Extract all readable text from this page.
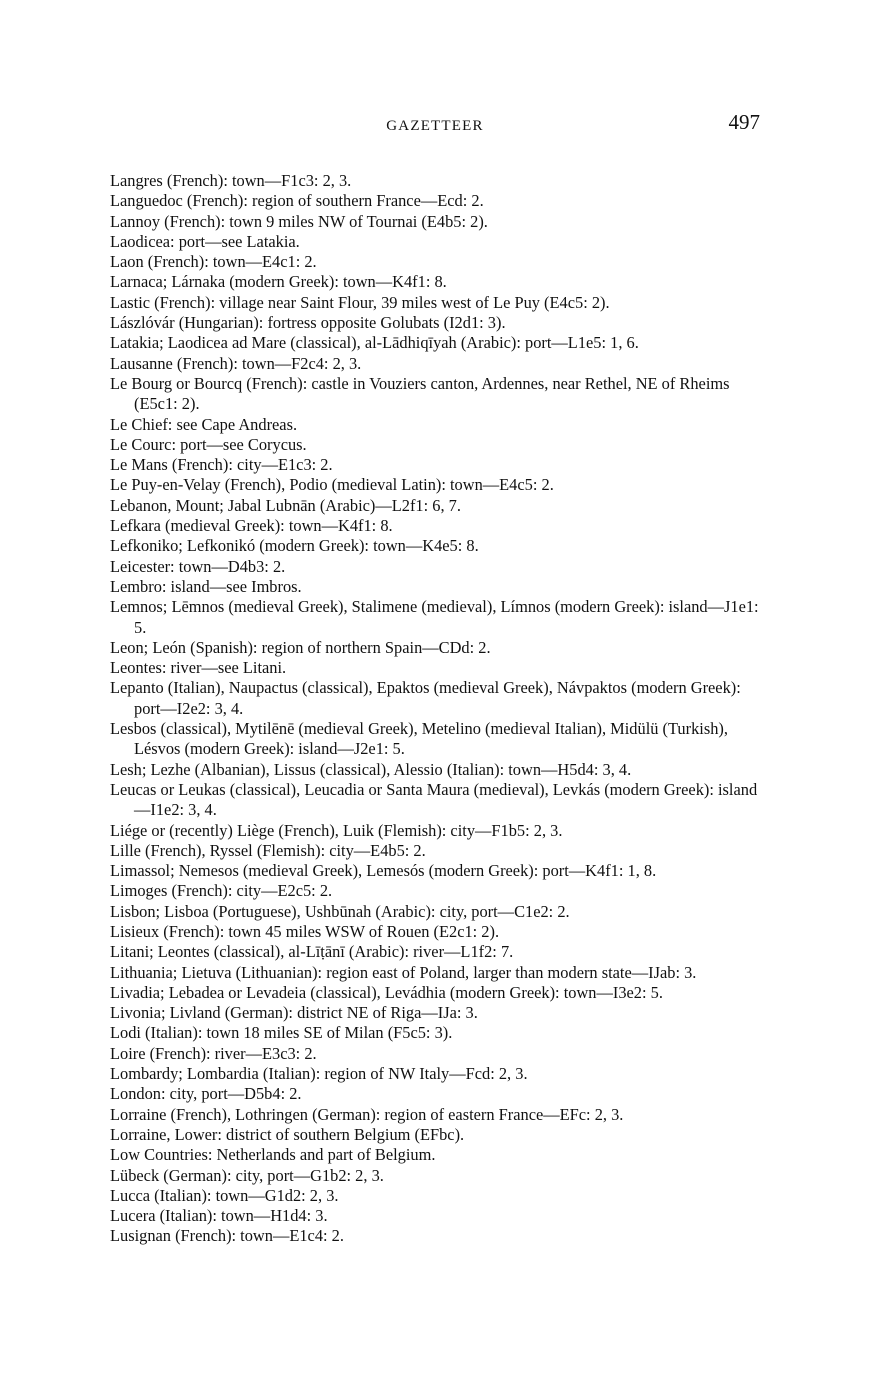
GAZETTEER	497
Langres (French): town—F1c3: 2, 3.
Languedoc (French): region of southern France—Ecd: 2.
Lannoy (French): town 9 miles NW of Tournai (E4b5: 2).
Laodicea: port—see Latakia.
Laon (French): town—E4c1: 2.
Larnaca; Lárnaka (modern Greek): town—K4f1: 8.
Lastic (French): village near Saint Flour, 39 miles west of Le Puy (E4c5: 2).
Lászlóvár (Hungarian): fortress opposite Golubats (I2d1: 3).
Latakia; Laodicea ad Mare (classical), al-Lādhiqīyah (Arabic): port—L1e5: 1, 6.
Lausanne (French): town—F2c4: 2, 3.
Le Bourg or Bourcq (French): castle in Vouziers canton, Ardennes, near Rethel, NE of Rheims (E5c1: 2).
Le Chief: see Cape Andreas.
Le Courc: port—see Corycus.
Le Mans (French): city—E1c3: 2.
Le Puy-en-Velay (French), Podio (medieval Latin): town—E4c5: 2.
Lebanon, Mount; Jabal Lubnān (Arabic)—L2f1: 6, 7.
Lefkara (medieval Greek): town—K4f1: 8.
Lefkoniko; Lefkonikó (modern Greek): town—K4e5: 8.
Leicester: town—D4b3: 2.
Lembro: island—see Imbros.
Lemnos; Lēmnos (medieval Greek), Stalimene (medieval), Límnos (modern Greek): island—J1e1: 5.
Leon; León (Spanish): region of northern Spain—CDd: 2.
Leontes: river—see Litani.
Lepanto (Italian), Naupactus (classical), Epaktos (medieval Greek), Návpaktos (modern Greek): port—I2e2: 3, 4.
Lesbos (classical), Mytilēnē (medieval Greek), Metelino (medieval Italian), Midülü (Turkish), Lésvos (modern Greek): island—J2e1: 5.
Lesh; Lezhe (Albanian), Lissus (classical), Alessio (Italian): town—H5d4: 3, 4.
Leucas or Leukas (classical), Leucadia or Santa Maura (medieval), Levkás (modern Greek): island—I1e2: 3, 4.
Liége or (recently) Liège (French), Luik (Flemish): city—F1b5: 2, 3.
Lille (French), Ryssel (Flemish): city—E4b5: 2.
Limassol; Nemesos (medieval Greek), Lemesós (modern Greek): port—K4f1: 1, 8.
Limoges (French): city—E2c5: 2.
Lisbon; Lisboa (Portuguese), Ushbūnah (Arabic): city, port—C1e2: 2.
Lisieux (French): town 45 miles WSW of Rouen (E2c1: 2).
Litani; Leontes (classical), al-Līṭānī (Arabic): river—L1f2: 7.
Lithuania; Lietuva (Lithuanian): region east of Poland, larger than modern state—IJab: 3.
Livadia; Lebadea or Levadeia (classical), Levádhia (modern Greek): town—I3e2: 5.
Livonia; Livland (German): district NE of Riga—IJa: 3.
Lodi (Italian): town 18 miles SE of Milan (F5c5: 3).
Loire (French): river—E3c3: 2.
Lombardy; Lombardia (Italian): region of NW Italy—Fcd: 2, 3.
London: city, port—D5b4: 2.
Lorraine (French), Lothringen (German): region of eastern France—EFc: 2, 3.
Lorraine, Lower: district of southern Belgium (EFbc).
Low Countries: Netherlands and part of Belgium.
Lübeck (German): city, port—G1b2: 2, 3.
Lucca (Italian): town—G1d2: 2, 3.
Lucera (Italian): town—H1d4: 3.
Lusignan (French): town—E1c4: 2.
